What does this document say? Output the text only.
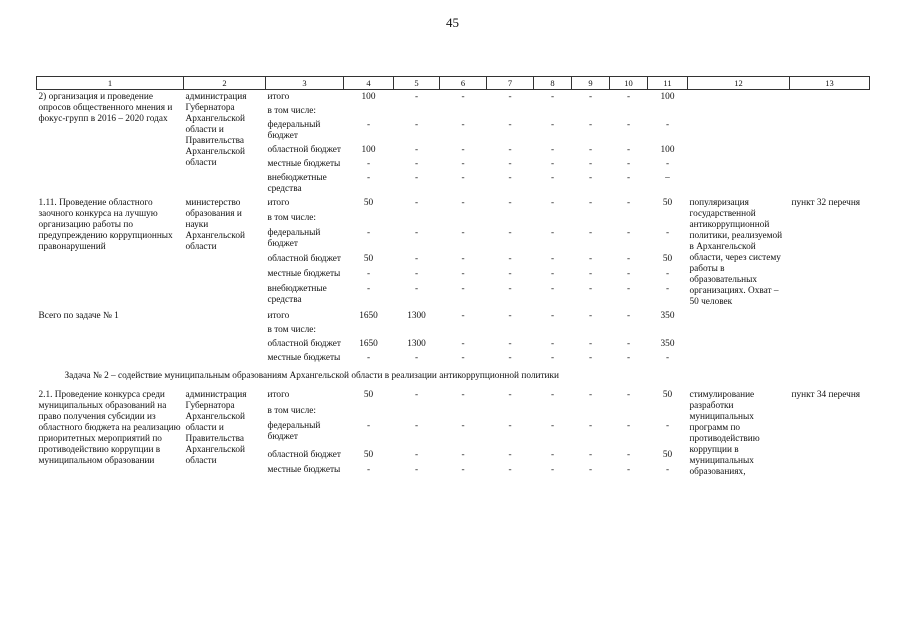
45
1	2	3	4	5	6	7	8	9	10	11	12	13
2) организация и проведение опросов общественного мнения и фокус-групп в 2016 – 2020 годах	администрация Губернатора Архангельской области и Правительства Архангельской области	итого	100	-	-	-	-	-	-	100		
		в том числе:										
		федеральный бюджет	-	-	-	-	-	-	-	-		
		областной бюджет	100	-	-	-	-	-	-	100		
		местные бюджеты	-	-	-	-	-	-	-	-		
		внебюджетные средства	-	-	-	-	-	-	-	–		
1.11. Проведение областного заочного конкурса на лучшую организацию работы по предупреждению коррупционных правонарушений	министерство образования и науки Архангельской области	итого	50	-	-	-	-	-	-	50	популяризация государственной антикоррупционной политики, реализуемой в Архангельской области, через систему работы в образовательных организациях. Охват – 50 человек	пункт 32 перечня
		в том числе:										
		федеральный бюджет	-	-	-	-	-	-	-	-		
		областной бюджет	50	-	-	-	-	-	-	50		
		местные бюджеты	-	-	-	-	-	-	-	-		
		внебюджетные средства	-	-	-	-	-	-	-	-		
Всего по задаче № 1		итого	1650	1300	-	-	-	-	-	350		
		в том числе:										
		областной бюджет	1650	1300	-	-	-	-	-	350		
		местные бюджеты	-	-	-	-	-	-	-	-		
Задача № 2 – содействие муниципальным образованиям Архангельской области в реализации антикоррупционной политики												
2.1. Проведение конкурса среди муниципальных образований на право получения субсидии из областного бюджета на реализацию приоритетных мероприятий по противодействию коррупции в муниципальном образовании	администрация Губернатора Архангельской области и Правительства Архангельской области	итого	50	-	-	-	-	-	-	50	стимулирование разработки муниципальных программ по противодействию коррупции в муниципальных образованиях,	пункт 34 перечня
		в том числе:										
		федеральный бюджет	-	-	-	-	-	-	-	-		
		областной бюджет	50	-	-	-	-	-	-	50		
		местные бюджеты	-	-	-	-	-	-	-	-		
